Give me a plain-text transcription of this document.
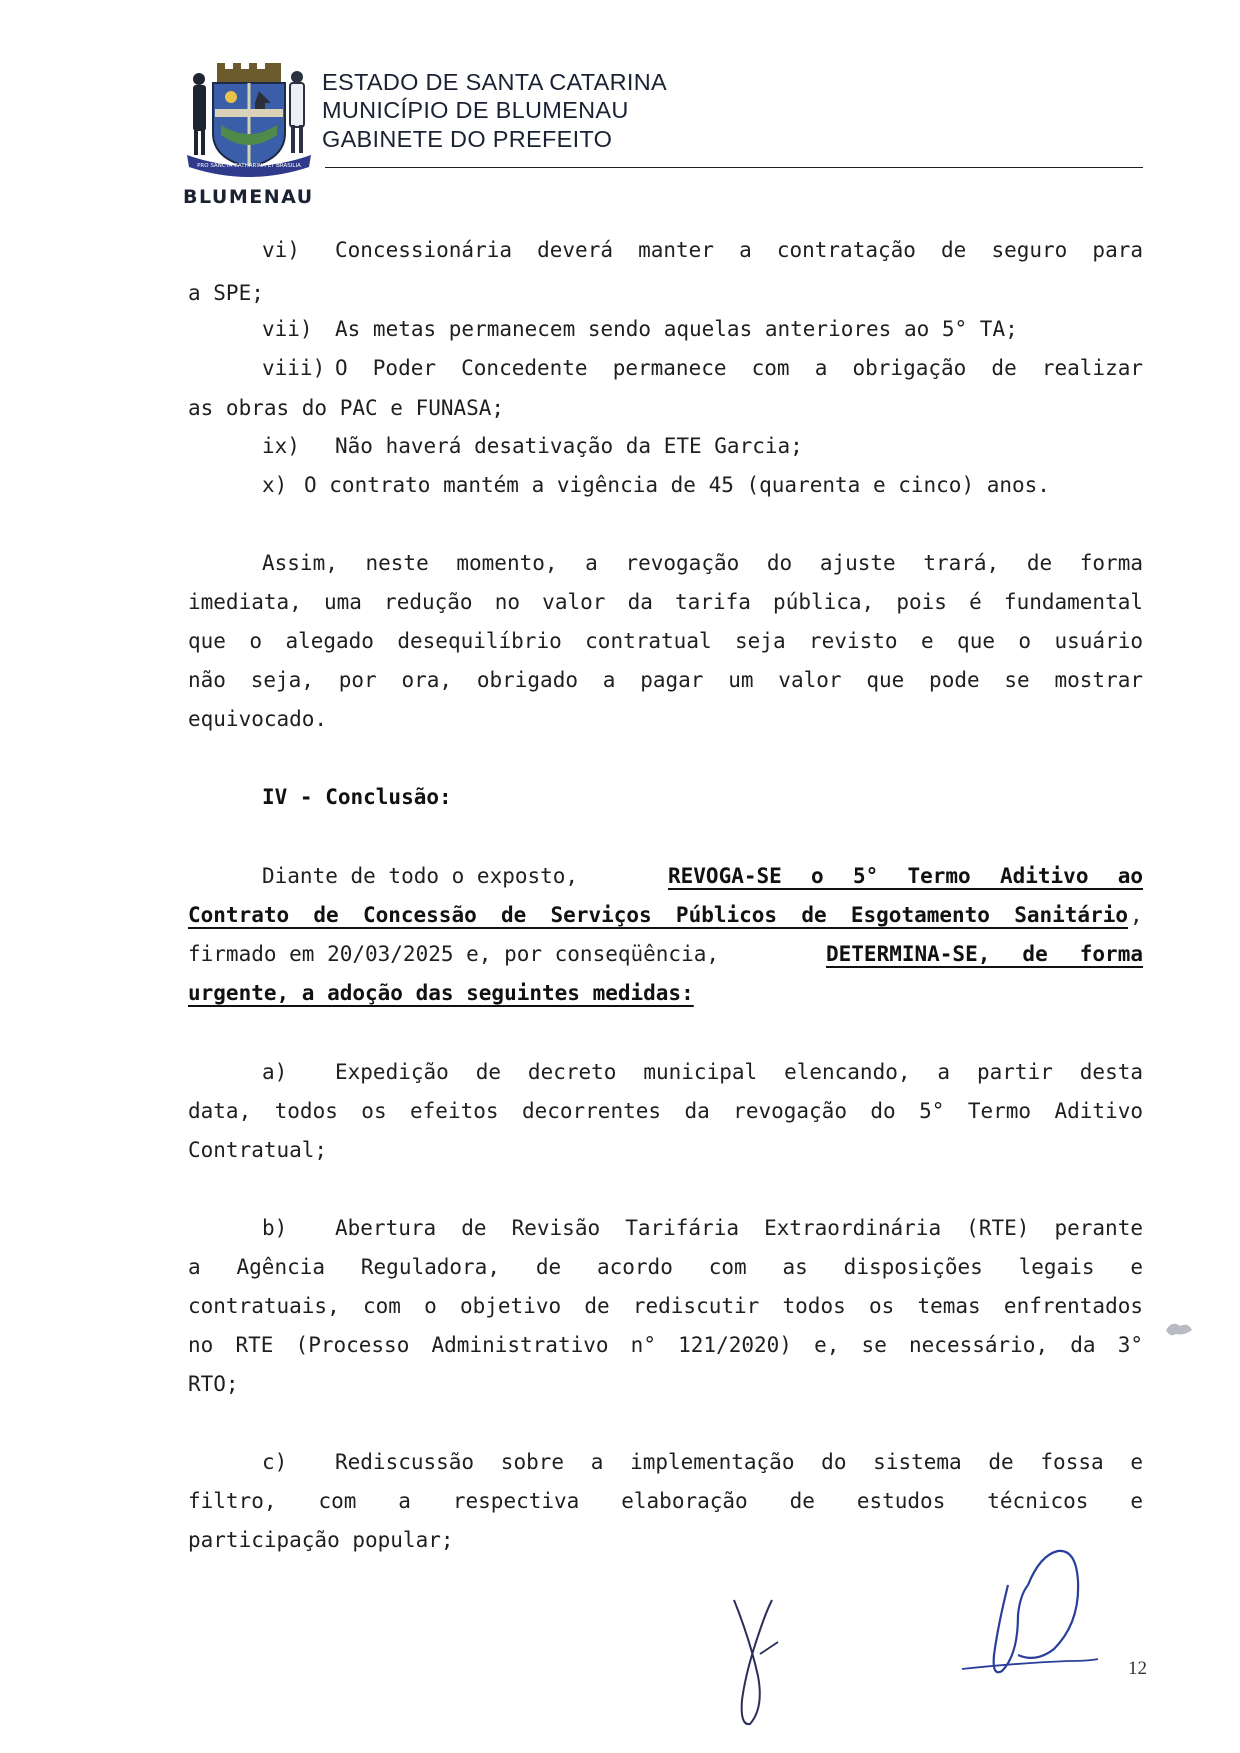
PRO SANCTA CATHARINA ET BRASILIA
BLUMENAU
ESTADO DE SANTA CATARINA
MUNICÍPIO DE BLUMENAU
GABINETE DO PREFEITO
vi) Concessionária deverá manter a contratação de seguro para
a SPE;
vii) As metas permanecem sendo aquelas anteriores ao 5° TA;
viii) O Poder Concedente permanece com a obrigação de realizar
as obras do PAC e FUNASA;
ix) Não haverá desativação da ETE Garcia;
x) O contrato mantém a vigência de 45 (quarenta e cinco) anos.
Assim, neste momento, a revogação do ajuste trará, de forma
imediata, uma redução no valor da tarifa pública, pois é fundamental
que o alegado desequilíbrio contratual seja revisto e que o usuário
não seja, por ora, obrigado a pagar um valor que pode se mostrar
equivocado.
IV - Conclusão:
Diante de todo o exposto,	REVOGA-SE o 5° Termo Aditivo ao
Contrato de Concessão de Serviços Públicos de Esgotamento Sanitário ,
firmado em 20/03/2025 e, por conseqüência,	DETERMINA-SE, de forma
urgente, a adoção das seguintes medidas:
a) Expedição de decreto municipal elencando, a partir desta
data, todos os efeitos decorrentes da revogação do 5° Termo Aditivo
Contratual;
b) Abertura de Revisão Tarifária Extraordinária (RTE) perante
a Agência Reguladora, de acordo com as disposições legais e
contratuais, com o objetivo de rediscutir todos os temas enfrentados
no RTE (Processo Administrativo n° 121/2020) e, se necessário, da 3°
RTO;
c) Rediscussão sobre a implementação do sistema de fossa e
filtro, com a respectiva elaboração de estudos técnicos e
participação popular;
12
